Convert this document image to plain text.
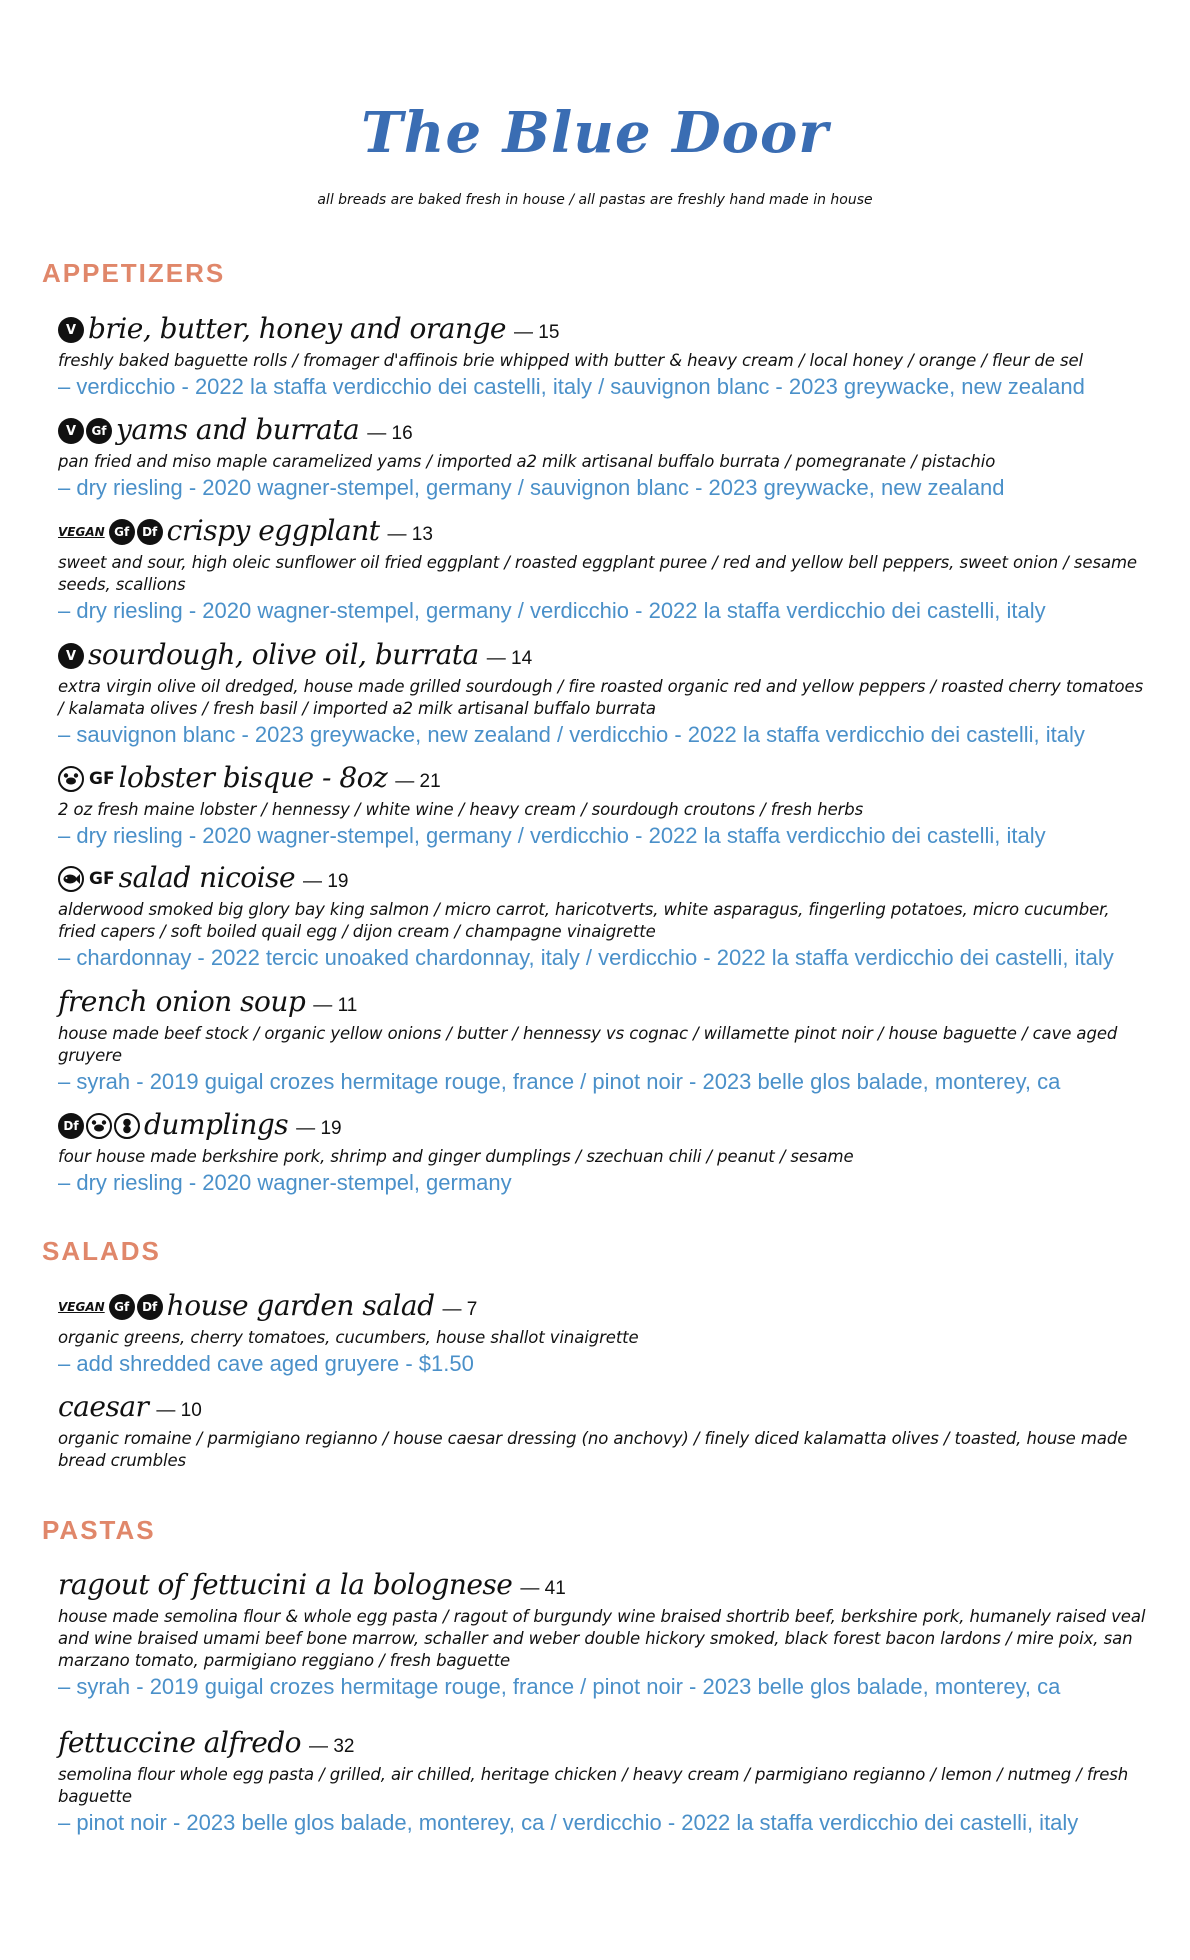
The Blue Door
all breads are baked fresh in house / all pastas are freshly hand made in house
APPETIZERS
V brie, butter, honey and orange — 15

freshly baked baguette rolls / fromager d'affinois brie whipped with butter & heavy cream / local honey / orange / fleur de sel

– verdicchio - 2022 la staffa verdicchio dei castelli, italy / sauvignon blanc - 2023 greywacke, new zealand

V	Gf yams and burrata — 16

pan fried and miso maple caramelized yams / imported a2 milk artisanal buffalo burrata / pomegranate / pistachio

– dry riesling - 2020 wagner-stempel, germany / sauvignon blanc - 2023 greywacke, new zealand

VEGAN Gf	Df crispy eggplant — 13

sweet and sour, high oleic sunflower oil fried eggplant / roasted eggplant puree / red and yellow bell peppers, sweet onion / sesame seeds, scallions

– dry riesling - 2020 wagner-stempel, germany / verdicchio - 2022 la staffa verdicchio dei castelli, italy

V sourdough, olive oil, burrata — 14

extra virgin olive oil dredged, house made grilled sourdough / fire roasted organic red and yellow peppers / roasted cherry tomatoes / kalamata olives / fresh basil / imported a2 milk artisanal buffalo burrata

– sauvignon blanc - 2023 greywacke, new zealand / verdicchio - 2022 la staffa verdicchio dei castelli, italy

GF lobster bisque - 8oz — 21

2 oz fresh maine lobster / hennessy / white wine / heavy cream / sourdough croutons / fresh herbs

– dry riesling - 2020 wagner-stempel, germany / verdicchio - 2022 la staffa verdicchio dei castelli, italy

GF salad nicoise — 19

alderwood smoked big glory bay king salmon / micro carrot, haricotverts, white asparagus, fingerling potatoes, micro cucumber, fried capers / soft boiled quail egg / dijon cream / champagne vinaigrette

– chardonnay - 2022 tercic unoaked chardonnay, italy / verdicchio - 2022 la staffa verdicchio dei castelli, italy

french onion soup — 11

house made beef stock / organic yellow onions / butter / hennessy vs cognac / willamette pinot noir / house baguette / cave aged gruyere

– syrah - 2019 guigal crozes hermitage rouge, france / pinot noir - 2023 belle glos balade, monterey, ca

Df dumplings — 19

four house made berkshire pork, shrimp and ginger dumplings / szechuan chili / peanut / sesame

– dry riesling - 2020 wagner-stempel, germany

SALADS
VEGAN Gf	Df house garden salad — 7

organic greens, cherry tomatoes, cucumbers, house shallot vinaigrette

– add shredded cave aged gruyere - $1.50

caesar — 10

organic romaine / parmigiano regianno / house caesar dressing (no anchovy) / finely diced kalamatta olives / toasted, house made bread crumbles

PASTAS
ragout of fettucini a la bolognese — 41

house made semolina flour & whole egg pasta / ragout of burgundy wine braised shortrib beef, berkshire pork, humanely raised veal and wine braised umami beef bone marrow, schaller and weber double hickory smoked, black forest bacon lardons / mire poix, san marzano tomato, parmigiano reggiano / fresh baguette

– syrah - 2019 guigal crozes hermitage rouge, france / pinot noir - 2023 belle glos balade, monterey, ca

fettuccine alfredo — 32

semolina flour whole egg pasta / grilled, air chilled, heritage chicken / heavy cream / parmigiano regianno / lemon / nutmeg / fresh baguette

– pinot noir - 2023 belle glos balade, monterey, ca / verdicchio - 2022 la staffa verdicchio dei castelli, italy
